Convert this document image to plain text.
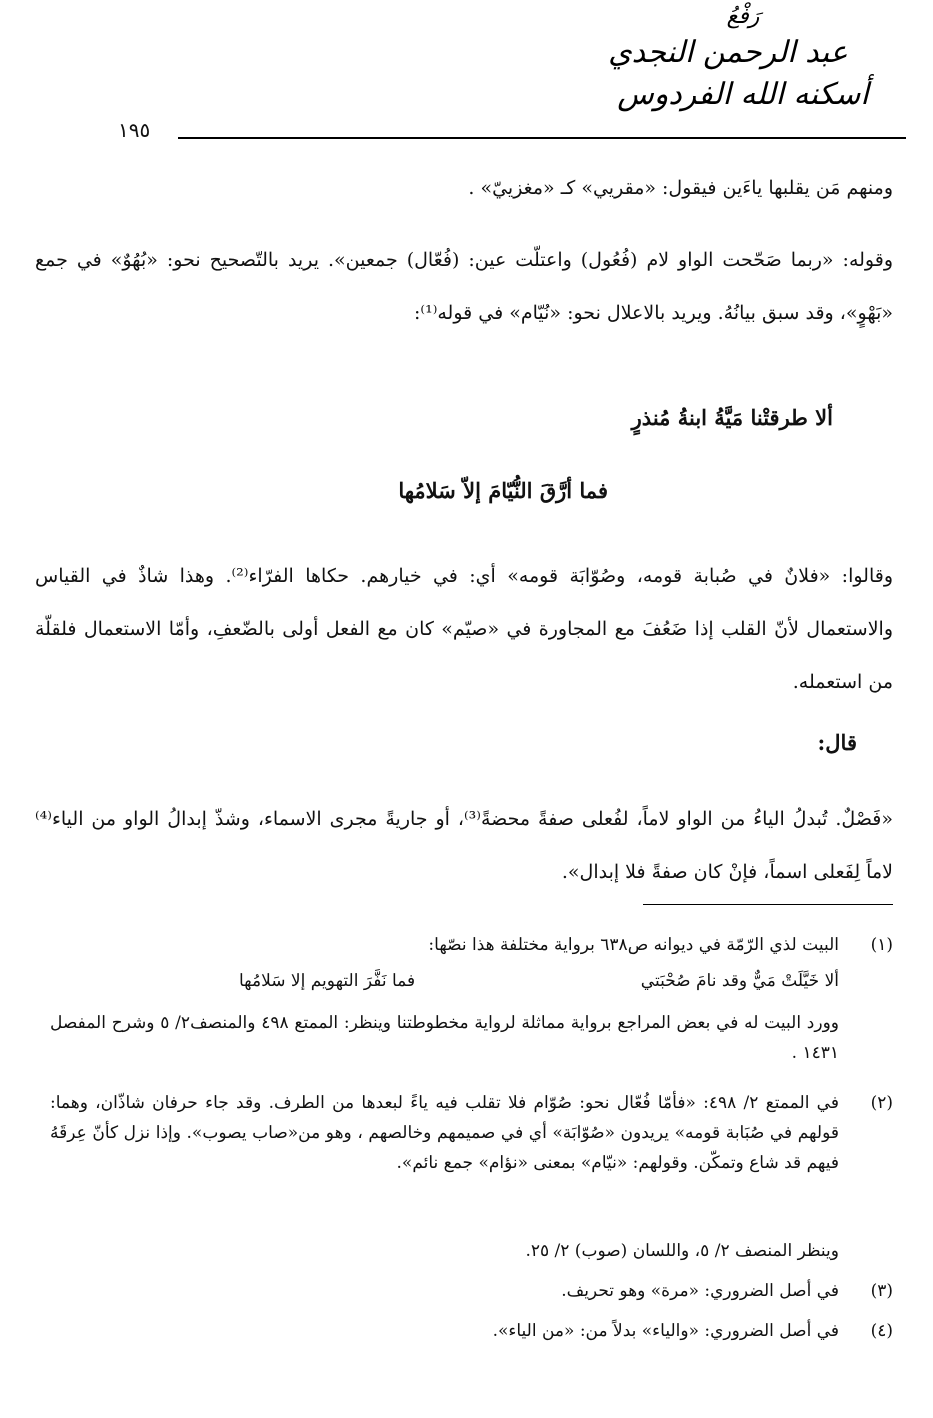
رَفْعُ
عبد الرحمن النجدي
أسكنه الله الفردوس
١٩٥

ومنهم مَن يقلبها ياءَين فيقول: «مقريي» كـ «مغزييّ» .

وقوله: «ربما صَحّحت الواو لام (فُعُول) واعتلّت عين: (فُعّال) جمعين». يريد بالتّصحيح نحو: «بُهُوٌ» في جمع «بَهْوٍ»، وقد سبق بيانُهُ. ويريد بالاعلال نحو: «نُيّام» في قوله⁽¹⁾:

ألا طرقتْنا مَيَّةُ ابنةُ مُنذرٍ

فما أرَّقَ النُّيّامَ إلاّ سَلامُها

وقالوا: «فلانٌ في صُبابة قومه، وصُوّابَة قومه» أي: في خيارهم. حكاها الفرّاء⁽²⁾. وهذا شاذٌ في القياس والاستعمال لأنّ القلب إذا ضَعُفَ مع المجاورة في «صيّم» كان مع الفعل أولى بالضّعفِ، وأمّا الاستعمال فلقلّة من استعمله.

قال:

«فَصْلٌ. تُبدلُ الياءُ من الواو لاماً، لفُعلى صفةً محضةً⁽³⁾، أو جاريةً مجرى الاسماء، وشذّ إبدالُ الواو من الياء⁽⁴⁾ لاماً لِفَعلى اسماً، فإنْ كان صفةً فلا إبدال».

(١)
البيت لذي الرّمّة في ديوانه ص٦٣٨ برواية مختلفة هذا نصّها:
ألا خَيَّلَتْ مَيٌّ وقد نامَ صُحْبَتي
فما نَفَّرَ التهويم إلا سَلامُها
وورد البيت له في بعض المراجع برواية مماثلة لرواية مخطوطتنا وينظر: الممتع ٤٩٨ والمنصف٢/ ٥ وشرح المفصل ١٤٣١ .
(٢)
في الممتع ٢/ ٤٩٨: «فأمّا فُعّال نحو: صُوّام فلا تقلب فيه ياءً لبعدها من الطرف. وقد جاء حرفان شاذّان، وهما: قولهم في صُبَابة قومه» يريدون «صُوّابَة» أي في صميمهم وخالصهم ، وهو من«صاب يصوب». وإذا نزل كأنّ عِرقَهُ فيهم قد شاع وتمكّن. وقولهم: «نيّام» بمعنى «نؤام» جمع نائم».
وينظر المنصف ٢/ ٥، واللسان (صوب) ٢/ ٢٥.
(٣)
في أصل الضروري: «مرة» وهو تحريف.
(٤)
في أصل الضروري: «والياء» بدلاً من: «من الياء».
